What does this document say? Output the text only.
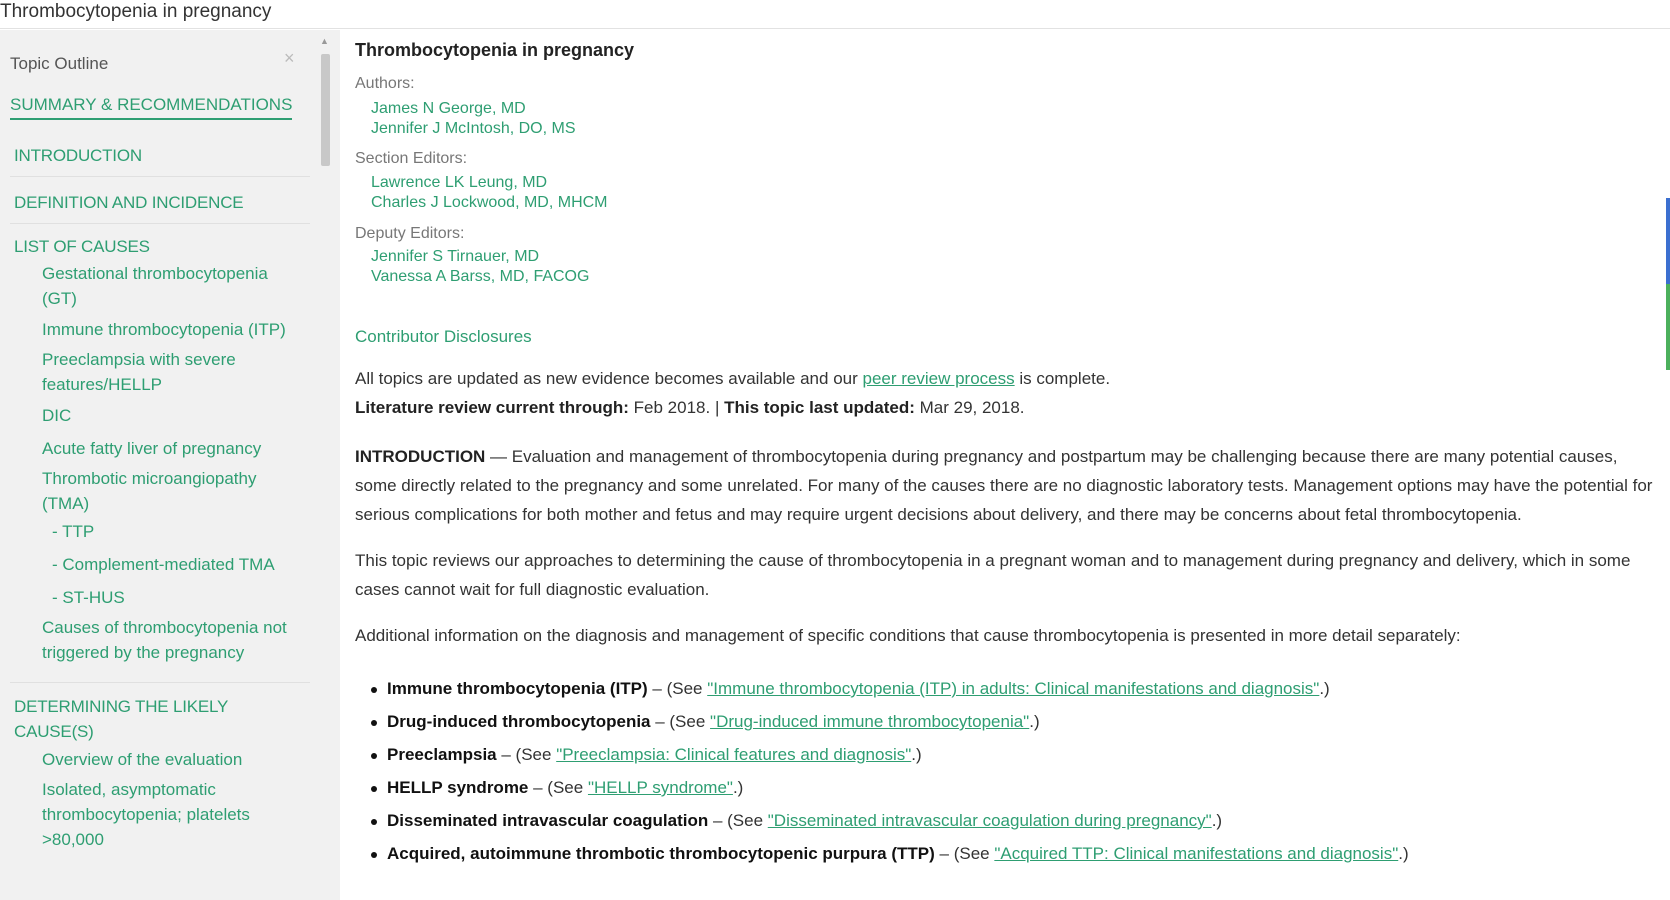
Thrombocytopenia in pregnancy
Topic Outline	×
SUMMARY & RECOMMENDATIONS
INTRODUCTION
DEFINITION AND INCIDENCE
LIST OF CAUSES
Gestational thrombocytopenia (GT)
Immune thrombocytopenia (ITP)
Preeclampsia with severe features/HELLP
DIC
Acute fatty liver of pregnancy
Thrombotic microangiopathy (TMA)
- TTP
- Complement-mediated TMA
- ST-HUS
Causes of thrombocytopenia not triggered by the pregnancy
DETERMINING THE LIKELY CAUSE(S)
Overview of the evaluation
Isolated, asymptomatic thrombocytopenia; platelets >80,000
▲ Thrombocytopenia in pregnancy
Authors:
James N George, MD
Jennifer J McIntosh, DO, MS
Section Editors:
Lawrence LK Leung, MD
Charles J Lockwood, MD, MHCM
Deputy Editors:
Jennifer S Tirnauer, MD
Vanessa A Barss, MD, FACOG
Contributor Disclosures
All topics are updated as new evidence becomes available and our peer review process is complete.
Literature review current through: Feb 2018. | This topic last updated: Mar 29, 2018.
INTRODUCTION — Evaluation and management of thrombocytopenia during pregnancy and postpartum may be challenging because there are many potential causes, some directly related to the pregnancy and some unrelated. For many of the causes there are no diagnostic laboratory tests. Management options may have the potential for serious complications for both mother and fetus and may require urgent decisions about delivery, and there may be concerns about fetal thrombocytopenia.
This topic reviews our approaches to determining the cause of thrombocytopenia in a pregnant woman and to management during pregnancy and delivery, which in some cases cannot wait for full diagnostic evaluation.
Additional information on the diagnosis and management of specific conditions that cause thrombocytopenia is presented in more detail separately:
Immune thrombocytopenia (ITP) – (See "Immune thrombocytopenia (ITP) in adults: Clinical manifestations and diagnosis".)
Drug-induced thrombocytopenia – (See "Drug-induced immune thrombocytopenia".)
Preeclampsia – (See "Preeclampsia: Clinical features and diagnosis".)
HELLP syndrome – (See "HELLP syndrome".)
Disseminated intravascular coagulation – (See "Disseminated intravascular coagulation during pregnancy".)
Acquired, autoimmune thrombotic thrombocytopenic purpura (TTP) – (See "Acquired TTP: Clinical manifestations and diagnosis".)
